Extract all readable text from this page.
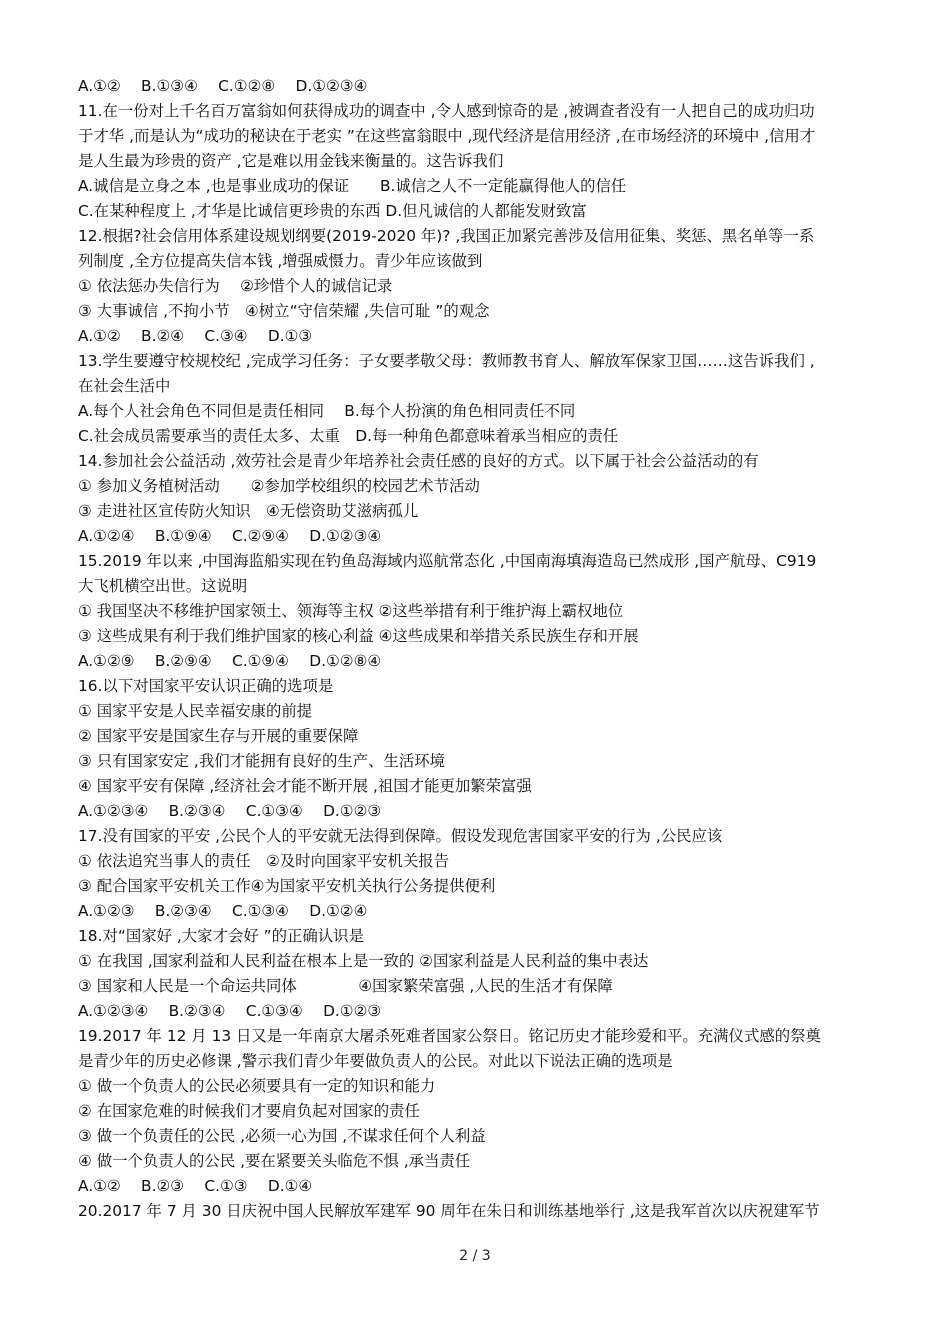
A.①②　 B.①③④　 C.①②⑧　 D.①②③④
11.在一份对上千名百万富翁如何获得成功的调查中 ,令人感到惊奇的是 ,被调查者没有一人把自己的成功归功
于才华 ,而是认为“成功的秘诀在于老实 ”在这些富翁眼中 ,现代经济是信用经济 ,在市场经济的环境中 ,信用才
是人生最为珍贵的资产 ,它是难以用金钱来衡量的。这告诉我们
A.诚信是立身之本 ,也是事业成功的保证　　B.诚信之人不一定能赢得他人的信任
C.在某种程度上 ,才华是比诚信更珍贵的东西 D.但凡诚信的人都能发财致富
12.根据?社会信用体系建设规划纲要(2019-2020 年)? ,我国正加紧完善涉及信用征集、奖惩、黑名单等一系
列制度 ,全方位提高失信本钱 ,增强威慑力。青少年应该做到
① 依法惩办失信行为　 ②珍惜个人的诚信记录
③ 大事诚信 ,不拘小节　④树立“守信荣耀 ,失信可耻 ”的观念
A.①②　 B.②④　 C.③④　 D.①③
13.学生要遵守校规校纪 ,完成学习任务：子女要孝敬父母：教师教书育人、解放军保家卫国……这告诉我们 ,
在社会生活中
A.每个人社会角色不同但是责任相同　 B.每个人扮演的角色相同责任不同
C.社会成员需要承当的责任太多、太重　D.每一种角色都意味着承当相应的责任
14.参加社会公益活动 ,效劳社会是青少年培养社会责任感的良好的方式。以下属于社会公益活动的有
① 参加义务植树活动　　②参加学校组织的校园艺术节活动
③ 走进社区宣传防火知识　④无偿资助艾滋病孤儿
A.①②④　 B.①⑨④　 C.②⑨④　 D.①②③④
15.2019 年以来 ,中国海监船实现在钓鱼岛海域内巡航常态化 ,中国南海填海造岛已然成形 ,国产航母、C919
大飞机横空出世。这说明
① 我国坚决不移维护国家领土、领海等主权 ②这些举措有利于维护海上霸权地位
③ 这些成果有利于我们维护国家的核心利益 ④这些成果和举措关系民族生存和开展
A.①②⑨　 B.②⑨④　 C.①⑨④　 D.①②⑧④
16.以下对国家平安认识正确的选项是
① 国家平安是人民幸福安康的前提
② 国家平安是国家生存与开展的重要保障
③ 只有国家安定 ,我们才能拥有良好的生产、生活环境
④ 国家平安有保障 ,经济社会才能不断开展 ,祖国才能更加繁荣富强
A.①②③④　 B.②③④　 C.①③④　 D.①②③
17.没有国家的平安 ,公民个人的平安就无法得到保障。假设发现危害国家平安的行为 ,公民应该
① 依法追究当事人的责任　②及时向国家平安机关报告
③ 配合国家平安机关工作④为国家平安机关执行公务提供便利
A.①②③　 B.②③④　 C.①③④　 D.①②④
18.对“国家好 ,大家才会好 ”的正确认识是
① 在我国 ,国家利益和人民利益在根本上是一致的 ②国家利益是人民利益的集中表达
③ 国家和人民是一个命运共同体　　　　④国家繁荣富强 ,人民的生活才有保障
A.①②③④　 B.②③④　 C.①③④　 D.①②③
19.2017 年 12 月 13 日又是一年南京大屠杀死难者国家公祭日。铭记历史才能珍爱和平。充满仪式感的祭奠
是青少年的历史必修课 ,警示我们青少年要做负责人的公民。对此以下说法正确的选项是
① 做一个负责人的公民必须要具有一定的知识和能力
② 在国家危难的时候我们才要肩负起对国家的责任
③ 做一个负责任的公民 ,必须一心为国 ,不谋求任何个人利益
④ 做一个负责人的公民 ,要在紧要关头临危不惧 ,承当责任
A.①②　 B.②③　 C.①③　 D.①④
20.2017 年 7 月 30 日庆祝中国人民解放军建军 90 周年在朱日和训练基地举行 ,这是我军首次以庆祝建军节
2 / 3
